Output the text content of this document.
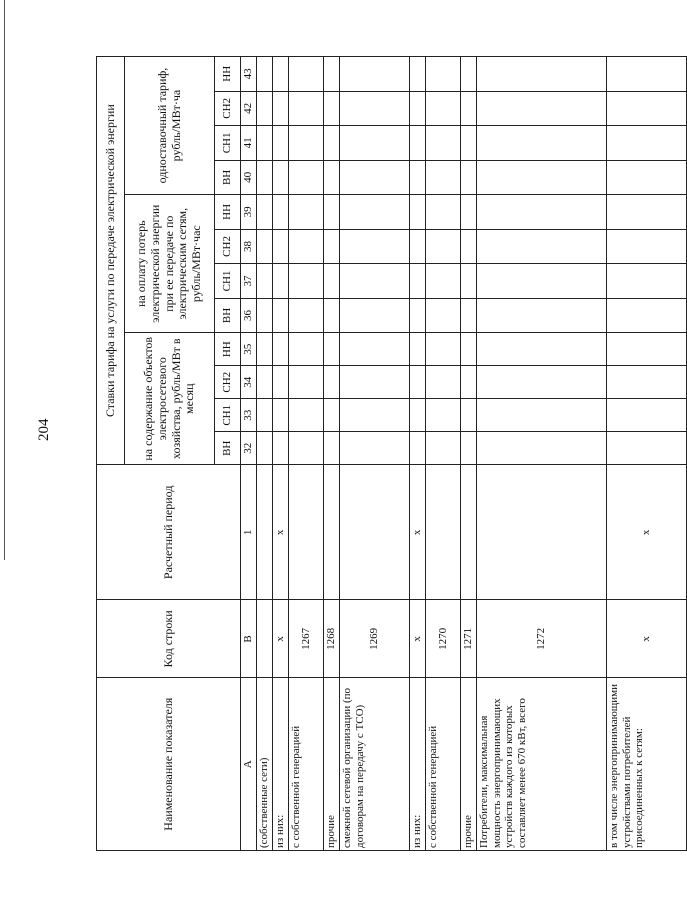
204
Наименование показателя	Код строки	Расчетный период	Ставки тарифа на услуги по передаче электрической энергии											
			на содержание объектов электросетевого хозяйства, рубль/МВт в месяц				на оплату потерь электрической энергии при ее передаче по электрическим сетям, рубль/МВт·час				одноставочный тариф, рубль/МВт·ча			
			ВН	СН1	СН2	НН	ВН	СН1	СН2	НН	ВН	СН1	СН2	НН
А	В	1	32	33	34	35	36	37	38	39	40	41	42	43
(собственные сети)														
из них:	х	х												
с собственной генерацией	1267													
прочие	1268													
смежной сетевой организации (по договорам на передачу с ТСО)	1269													
из них:	х	х												
с собственной генерацией	1270													
прочие	1271													
Потребители, максимальная мощность энергопринимающих устройств каждого из которых составляет менее 670 кВт, всего	1272													
в том числе энергопринимающими устройствами потребителей присоединенных к сетям:	х	х												
